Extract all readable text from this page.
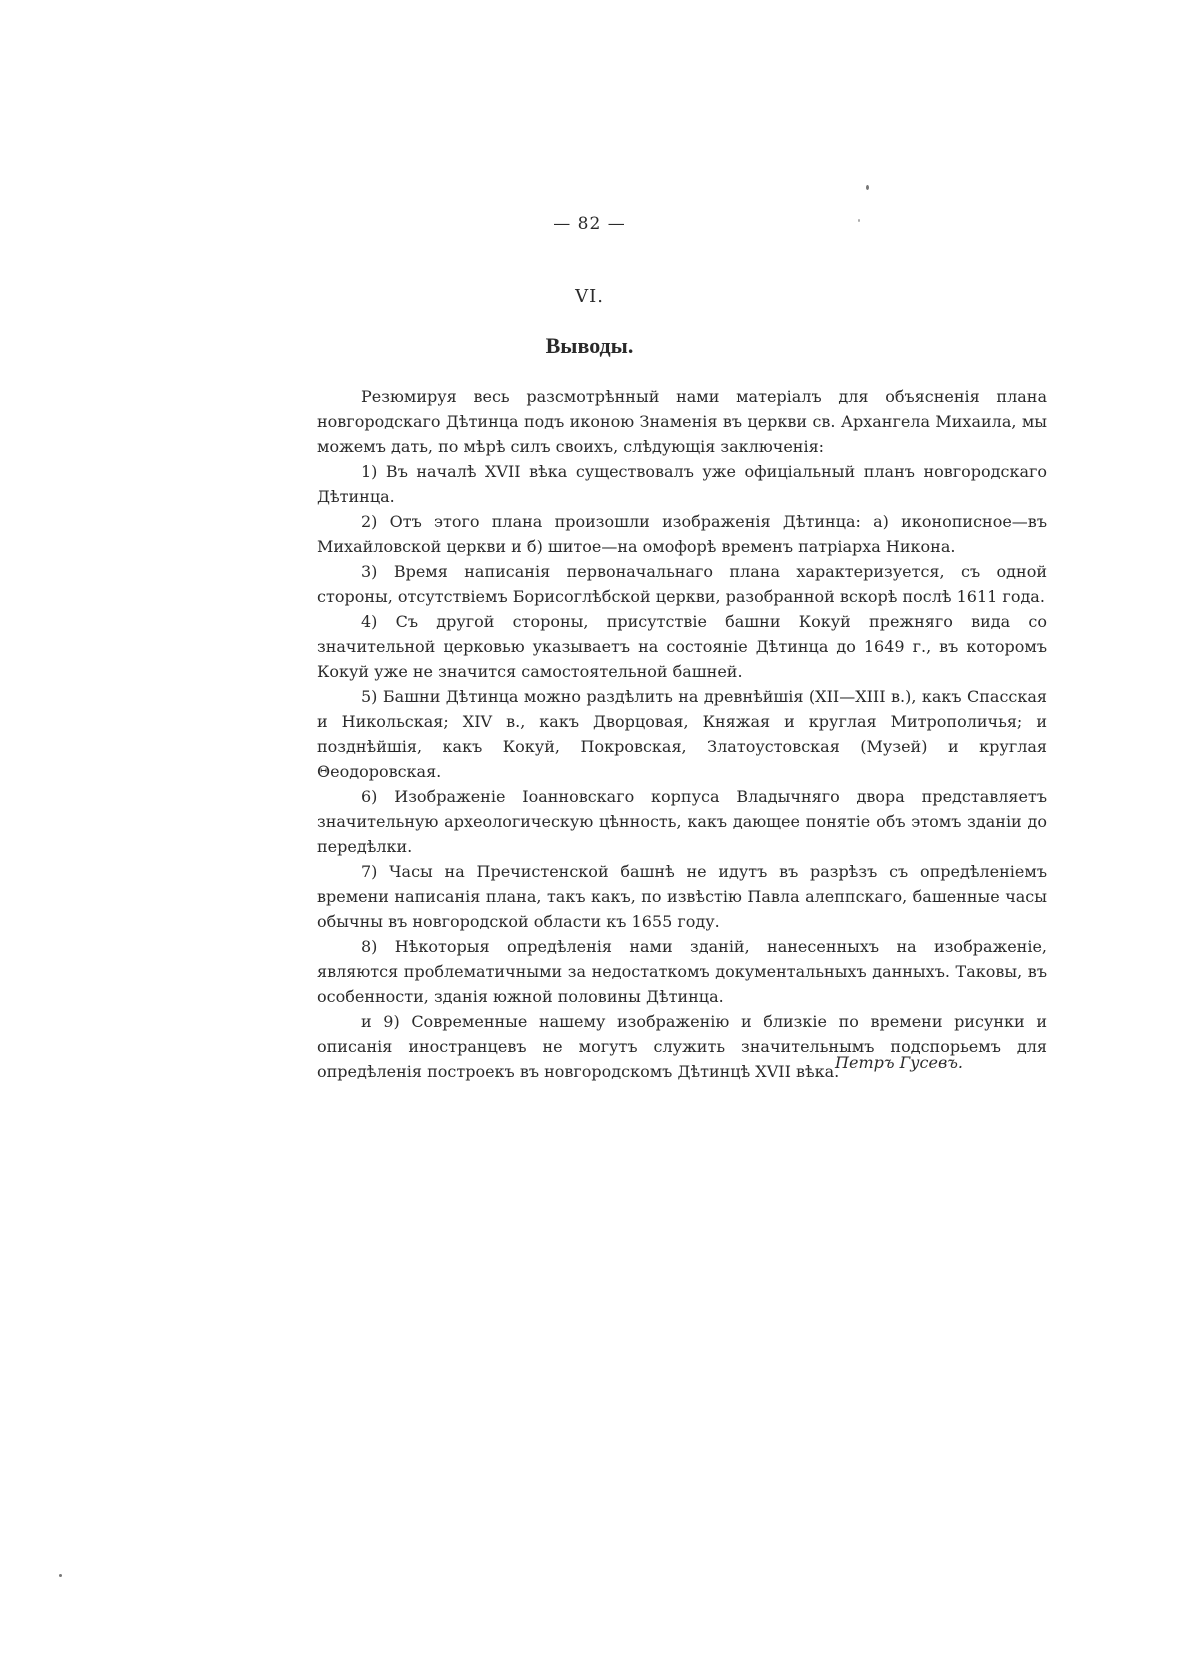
— 82 —
VI.
Выводы.

Резюмируя весь разсмотрѣнный нами матеріалъ для объясненія плана новгородскаго Дѣтинца подъ иконою Знаменія въ церкви св. Архангела Михаила, мы можемъ дать, по мѣрѣ силъ своихъ, слѣдующія заключенія:

1) Въ началѣ XVII вѣка существовалъ уже офиціальный планъ новгородскаго Дѣтинца.

2) Отъ этого плана произошли изображенія Дѣтинца: а) иконописное—въ Михайловской церкви и б) шитое—на омофорѣ временъ патріарха Никона.

3) Время написанія первоначальнаго плана характеризуется, съ одной стороны, отсутствіемъ Борисоглѣбской церкви, разобранной вскорѣ послѣ 1611 года.

4) Съ другой стороны, присутствіе башни Кокуй прежняго вида со значительной церковью указываетъ на состояніе Дѣтинца до 1649 г., въ которомъ Кокуй уже не значится самостоятельной башней.

5) Башни Дѣтинца можно раздѣлить на древнѣйшія (XII—XIII в.), какъ Спасская и Никольская; XIV в., какъ Дворцовая, Княжая и круглая Митрополичья; и позднѣйшія, какъ Кокуй, Покровская, Златоустовская (Музей) и круглая Θеодоровская.

6) Изображеніе Іоанновскаго корпуса Владычняго двора представляетъ значительную археологическую цѣнность, какъ дающее понятіе объ этомъ зданіи до передѣлки.

7) Часы на Пречистенской башнѣ не идутъ въ разрѣзъ съ опредѣленіемъ времени написанія плана, такъ какъ, по извѣстію Павла алеппскаго, башенные часы обычны въ новгородской области къ 1655 году.

8) Нѣкоторыя опредѣленія нами зданій, нанесенныхъ на изображеніе, являются проблематичными за недостаткомъ документальныхъ данныхъ. Таковы, въ особенности, зданія южной половины Дѣтинца.

и 9) Современные нашему изображенію и близкіе по времени рисунки и описанія иностранцевъ не могутъ служить значительнымъ подспорьемъ для опредѣленія построекъ въ новгородскомъ Дѣтинцѣ XVII вѣка.

Петръ Гусевъ.
